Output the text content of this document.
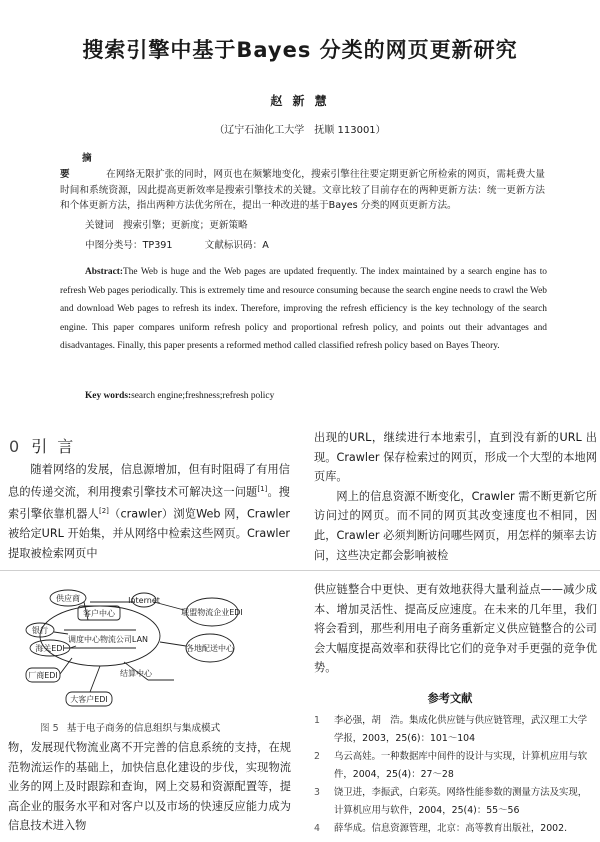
搜索引擎中基于Bayes 分类的网页更新研究
赵 新 慧
（辽宁石油化工大学　抚顺 113001）
摘　要	在网络无限扩张的同时，网页也在频繁地变化，搜索引擎往往要定期更新它所检索的网页，需耗费大量时间和系统资源，因此提高更新效率是搜索引擎技术的关键。文章比较了目前存在的两种更新方法：统一更新方法和个体更新方法，指出两种方法优劣所在，提出一种改进的基于Bayes 分类的网页更新方法。
关键词 搜索引擎；更新度；更新策略
中图分类号：TP391	文献标识码：A
Abstract:The Web is huge and the Web pages are updated frequently. The index maintained by a search engine has to refresh Web pages periodically. This is extremely time and resource consuming because the search engine needs to crawl the Web and download Web pages to refresh its index. Therefore, improving the refresh efficiency is the key technology of the search engine. This paper compares uniform refresh policy and proportional refresh policy, and points out their advantages and disadvantages. Finally, this paper presents a reformed method called classified refresh policy based on Bayes Theory.
Key words:search engine;freshness;refresh policy
0 引言

随着网络的发展，信息源增加，但有时阻碍了有用信息的传递交流，利用搜索引擎技术可解决这一问题[1]。搜索引擎依靠机器人[2]（crawler）浏览Web 网，Crawler 被给定URL 开始集，并从网络中检索这些网页。Crawler 提取被检索网页中

出现的URL，继续进行本地索引，直到没有新的URL 出现。Crawler 保存检索过的网页，形成一个大型的本地网页库。

网上的信息资源不断变化，Crawler 需不断更新它所访问过的网页。而不同的网页其改变速度也不相同，因此，Crawler 必须判断访问哪些网页，用怎样的频率去访问，这些决定都会影响被检

供应商	Internet
联盟物流企业EDI
银行
海关EDI
客户中心
调度中心 物流公司LAN
各地配送中心
厂商EDI	结算中心
大客户EDI
图 5 基于电子商务的信息组织与集成模式

物，发展现代物流业离不开完善的信息系统的支持，在规范物流运作的基础上，加快信息化建设的步伐，实现物流业务的网上及时跟踪和查询，网上交易和资源配置等，提高企业的服务水平和对客户以及市场的快速反应能力成为信息技术进入物

供应链整合中更快、更有效地获得大量利益点——减少成本、增加灵活性、提高反应速度。在未来的几年里，我们将会看到，那些利用电子商务重新定义供应链整合的公司会大幅度提高效率和获得比它们的竞争对手更强的竞争优势。

参考文献

1 李必强，胡　浩。集成化供应链与供应链管理，武汉理工大学学报，2003，25(6)：101～104

2 乌云高娃。一种数据库中间件的设计与实现，计算机应用与软件，2004，25(4)：27～28

3 饶卫进，李振武，白彩英。网络性能参数的测量方法及实现，计算机应用与软件，2004，25(4)：55～56

4 薛华成。信息资源管理，北京：高等教育出版社，2002.
